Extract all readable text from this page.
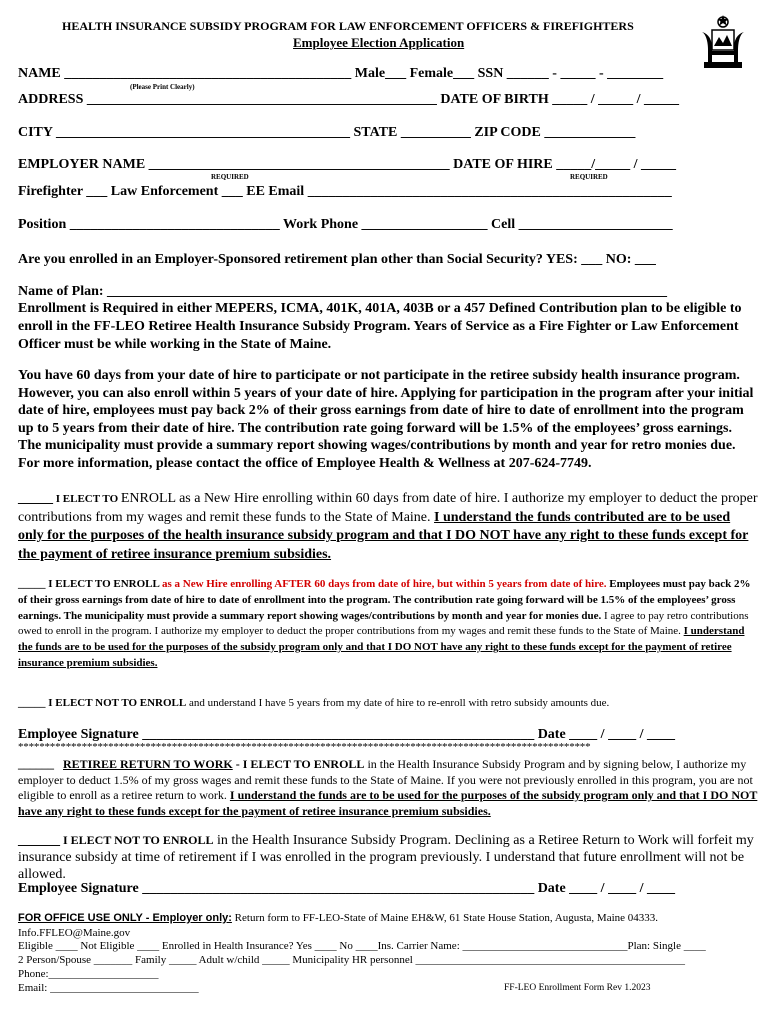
HEALTH INSURANCE SUBSIDY PROGRAM FOR LAW ENFORCEMENT OFFICERS & FIREFIGHTERS
Employee Election Application
NAME _________________________________________ Male___ Female___ SSN ______ - _____ - ________
(Please Print Clearly)
ADDRESS __________________________________________________ DATE OF BIRTH _____ / _____ / _____
CITY __________________________________________ STATE __________ ZIP CODE _____________
EMPLOYER NAME ___________________________________________ DATE OF HIRE _____/_____ / _____
REQUIRED	REQUIRED
Firefighter ___ Law Enforcement ___ EE Email ____________________________________________________
Position ______________________________ Work Phone __________________ Cell ______________________
Are you enrolled in an Employer-Sponsored retirement plan other than Social Security? YES: ___ NO: ___
Name of Plan: ________________________________________________________________________________
Enrollment is Required in either MEPERS, ICMA, 401K, 401A, 403B or a 457 Defined Contribution plan to be eligible to enroll in the FF-LEO Retiree Health Insurance Subsidy Program. Years of Service as a Fire Fighter or Law Enforcement Officer must be while working in the State of Maine.
You have 60 days from your date of hire to participate or not participate in the retiree subsidy health insurance program. However, you can also enroll within 5 years of your date of hire. Applying for participation in the program after your initial date of hire, employees must pay back 2% of their gross earnings from date of hire to date of enrollment into the program up to 5 years from their date of hire. The contribution rate going forward will be 1.5% of the employees’ gross earnings. The municipality must provide a summary report showing wages/contributions by month and year for retro monies due. For more information, please contact the office of Employee Health & Wellness at 207-624-7749.
_____ I ELECT TO ENROLL as a New Hire enrolling within 60 days from date of hire. I authorize my employer to deduct the proper contributions from my wages and remit these funds to the State of Maine. I understand the funds contributed are to be used only for the purposes of the health insurance subsidy program and that I DO NOT have any right to these funds except for the payment of retiree insurance premium subsidies.
_____ I ELECT TO ENROLL as a New Hire enrolling AFTER 60 days from date of hire, but within 5 years from date of hire. Employees must pay back 2% of their gross earnings from date of hire to date of enrollment into the program. The contribution rate going forward will be 1.5% of the employees’ gross earnings. The municipality must provide a summary report showing wages/contributions by month and year for monies due. I agree to pay retro contributions owed to enroll in the program. I authorize my employer to deduct the proper contributions from my wages and remit these funds to the State of Maine. I understand the funds are to be used for the purposes of the subsidy program only and that I DO NOT have any right to these funds except for the payment of retiree insurance premium subsidies.
_____ I ELECT NOT TO ENROLL and understand I have 5 years from my date of hire to re-enroll with retro subsidy amounts due.
Employee Signature ________________________________________________________ Date ____ / ____ / ____
************************************************************************************************************
______ RETIREE RETURN TO WORK - I ELECT TO ENROLL in the Health Insurance Subsidy Program and by signing below, I authorize my employer to deduct 1.5% of my gross wages and remit these funds to the State of Maine. If you were not previously enrolled in this program, you are not eligible to enroll as a retiree return to work. I understand the funds are to be used for the purposes of the subsidy program only and that I DO NOT have any right to these funds except for the payment of retiree insurance premium subsidies.
______ I ELECT NOT TO ENROLL in the Health Insurance Subsidy Program. Declining as a Retiree Return to Work will forfeit my insurance subsidy at time of retirement if I was enrolled in the program previously. I understand that future enrollment will not be allowed.
Employee Signature ________________________________________________________ Date ____ / ____ / ____
FOR OFFICE USE ONLY - Employer only: Return form to FF-LEO-State of Maine EH&W, 61 State House Station, Augusta, Maine 04333.
Info.FFLEO@Maine.gov
Eligible ____ Not Eligible ____ Enrolled in Health Insurance? Yes ____ No ____Ins. Carrier Name: ______________________________Plan: Single ____
2 Person/Spouse _______ Family _____ Adult w/child _____ Municipality HR personnel _________________________________________________
Phone:____________________
Email: ___________________________	FF-LEO Enrollment Form Rev 1.2023
